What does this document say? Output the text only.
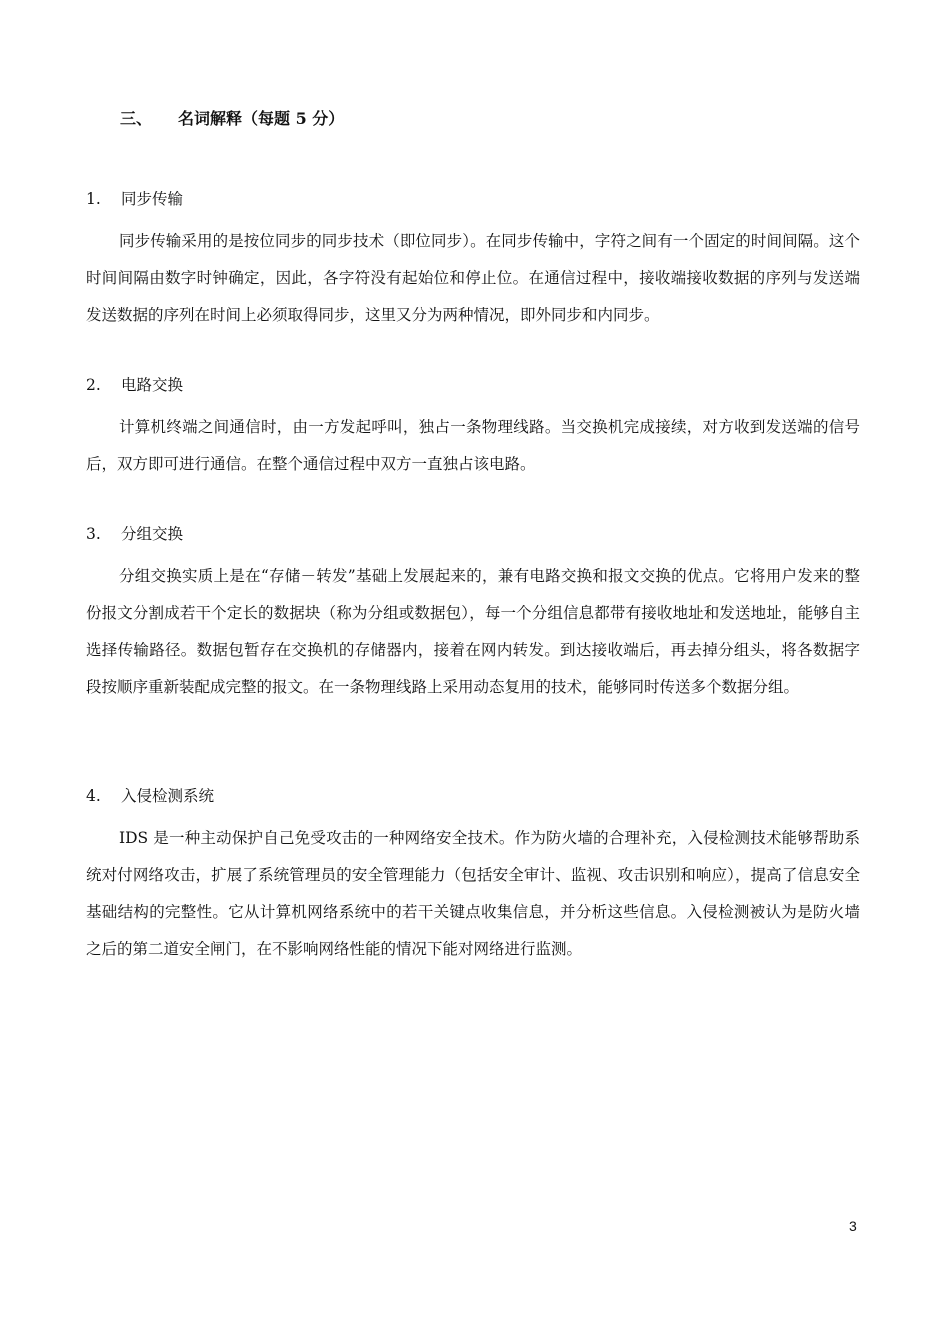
三、 名词解释（每题 5 分）
1. 同步传输
同步传输采用的是按位同步的同步技术（即位同步）。在同步传输中，字符之间有一个固定的时间间隔。这个时间间隔由数字时钟确定，因此，各字符没有起始位和停止位。在通信过程中，接收端接收数据的序列与发送端发送数据的序列在时间上必须取得同步，这里又分为两种情况，即外同步和内同步。
2. 电路交换
计算机终端之间通信时，由一方发起呼叫，独占一条物理线路。当交换机完成接续，对方收到发送端的信号后，双方即可进行通信。在整个通信过程中双方一直独占该电路。
3. 分组交换
分组交换实质上是在“存储－转发”基础上发展起来的，兼有电路交换和报文交换的优点。它将用户发来的整份报文分割成若干个定长的数据块（称为分组或数据包），每一个分组信息都带有接收地址和发送地址，能够自主选择传输路径。数据包暂存在交换机的存储器内，接着在网内转发。到达接收端后，再去掉分组头，将各数据字段按顺序重新装配成完整的报文。在一条物理线路上采用动态复用的技术，能够同时传送多个数据分组。
4. 入侵检测系统
IDS 是一种主动保护自己免受攻击的一种网络安全技术。作为防火墙的合理补充，入侵检测技术能够帮助系统对付网络攻击，扩展了系统管理员的安全管理能力（包括安全审计、监视、攻击识别和响应），提高了信息安全基础结构的完整性。它从计算机网络系统中的若干关键点收集信息，并分析这些信息。入侵检测被认为是防火墙之后的第二道安全闸门，在不影响网络性能的情况下能对网络进行监测。
3
